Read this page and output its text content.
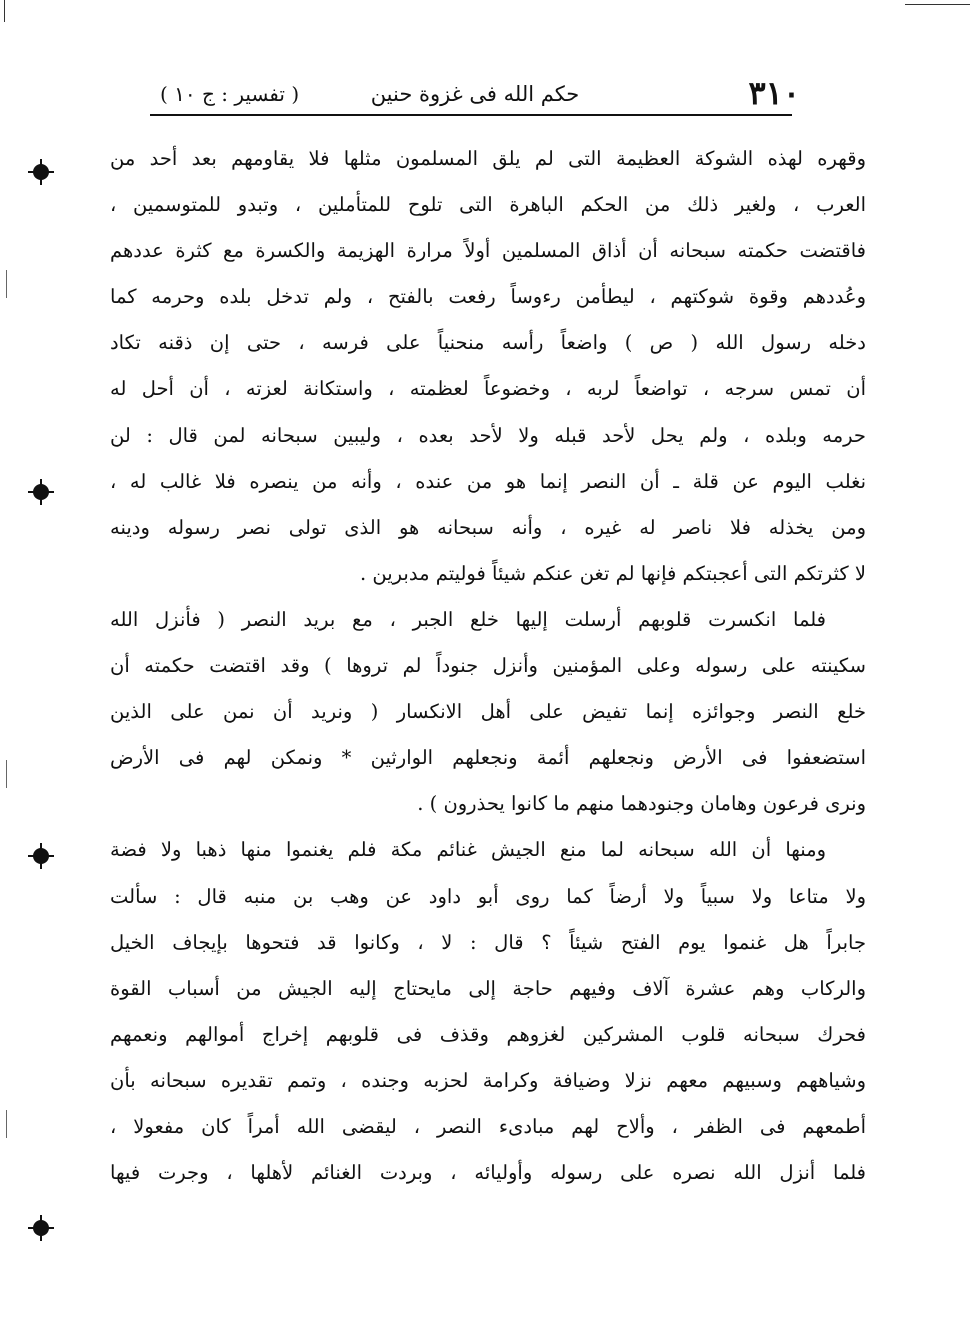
٣١٠
حكم الله فى غزوة حنين
( تفسير : ج ١٠ )
وقهره لهذه الشوكة العظيمة التى لم يلق المسلمون مثلها فلا يقاومهم بعد أحد من
العرب ، ولغير ذلك من الحكم الباهرة التى تلوح للمتأملين ، وتبدو للمتوسمين ،
فاقتضت حكمته سبحانه أن أذاق المسلمين أولاً مرارة الهزيمة والكسرة مع كثرة عددهم
وعُددهم وقوة شوكتهم ، ليطأمن رءوساً رفعت بالفتح ، ولم تدخل بلده وحرمه كما
دخله رسول الله ( ص ) واضعاً رأسه منحنياً على فرسه ، حتى إن ذقنه تكاد
أن تمس سرجه ، تواضعاً لربه ، وخضوعاً لعظمته ، واستكانة لعزته ، أن أحل له
حرمه وبلده ، ولم يحل لأحد قبله ولا لأحد بعده ، وليبين سبحانه لمن قال : لن
نغلب اليوم عن قلة ـ أن النصر إنما هو من عنده ، وأنه من ينصره فلا غالب له ،
ومن يخذله فلا ناصر له غيره ، وأنه سبحانه هو الذى تولى نصر رسوله ودينه
لا كثرتكم التى أعجبتكم فإنها لم تغن عنكم شيئاً فوليتم مدبرين .
فلما انكسرت قلوبهم أرسلت إليها خلع الجبر ، مع بريد النصر ( فأنزل الله
سكينته على رسوله وعلى المؤمنين وأنزل جنوداً لم تروها ) وقد اقتضت حكمته أن
خلع النصر وجوائزه إنما تفيض على أهل الانكسار ( ونريد أن نمن على الذين
استضعفوا فى الأرض ونجعلهم أئمة ونجعلهم الوارثين * ونمكن لهم فى الأرض
ونرى فرعون وهامان وجنودهما منهم ما كانوا يحذرون ) .
ومنها أن الله سبحانه لما منع الجيش غنائم مكة فلم يغنموا منها ذهبا ولا فضة
ولا متاعا ولا سبياً ولا أرضاً كما روى أبو داود عن وهب بن منبه قال : سألت
جابراً هل غنموا يوم الفتح شيئاً ؟ قال : لا ، وكانوا قد فتحوها بإيجاف الخيل
والركاب وهم عشرة آلاف وفيهم حاجة إلى مايحتاج إليه الجيش من أسباب القوة
فحرك سبحانه قلوب المشركين لغزوهم وقذف فى قلوبهم إخراج أموالهم ونعمهم
وشياههم وسبيهم معهم نزلا وضيافة وكرامة لحزبه وجنده ، وتمم تقديره سبحانه بأن
أطمعهم فى الظفر ، وألاح لهم مبادىء النصر ، ليقضى الله أمراً كان مفعولا ،
فلما أنزل الله نصره على رسوله وأوليائه ، وبردت الغنائم لأهلها ، وجرت فيها
